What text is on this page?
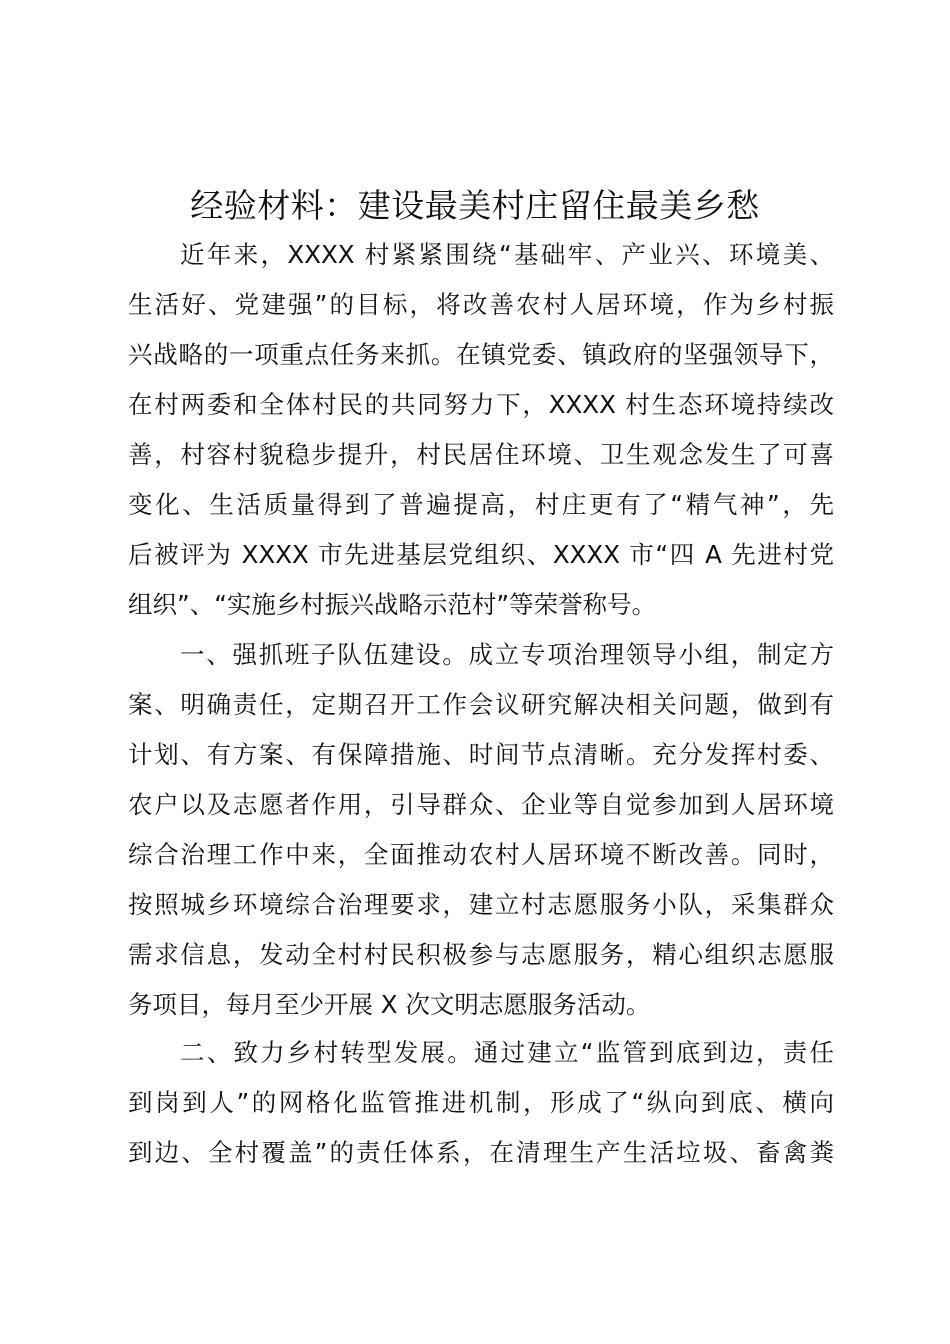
经验材料：建设最美村庄留住最美乡愁
近年来，XXXX 村紧紧围绕“基础牢、产业兴、环境美、
生活好、党建强”的目标，将改善农村人居环境，作为乡村振
兴战略的一项重点任务来抓。在镇党委、镇政府的坚强领导下，
在村两委和全体村民的共同努力下，XXXX 村生态环境持续改
善，村容村貌稳步提升，村民居住环境、卫生观念发生了可喜
变化、生活质量得到了普遍提高，村庄更有了“精气神”，先
后被评为 XXXX 市先进基层党组织、XXXX 市“四 A 先进村党
组织”、“实施乡村振兴战略示范村”等荣誉称号。
一、强抓班子队伍建设。成立专项治理领导小组，制定方
案、明确责任，定期召开工作会议研究解决相关问题，做到有
计划、有方案、有保障措施、时间节点清晰。充分发挥村委、
农户以及志愿者作用，引导群众、企业等自觉参加到人居环境
综合治理工作中来，全面推动农村人居环境不断改善。同时，
按照城乡环境综合治理要求，建立村志愿服务小队，采集群众
需求信息，发动全村村民积极参与志愿服务，精心组织志愿服
务项目，每月至少开展 X 次文明志愿服务活动。
二、致力乡村转型发展。通过建立“监管到底到边，责任
到岗到人”的网格化监管推进机制，形成了“纵向到底、横向
到边、全村覆盖”的责任体系，在清理生产生活垃圾、畜禽粪
